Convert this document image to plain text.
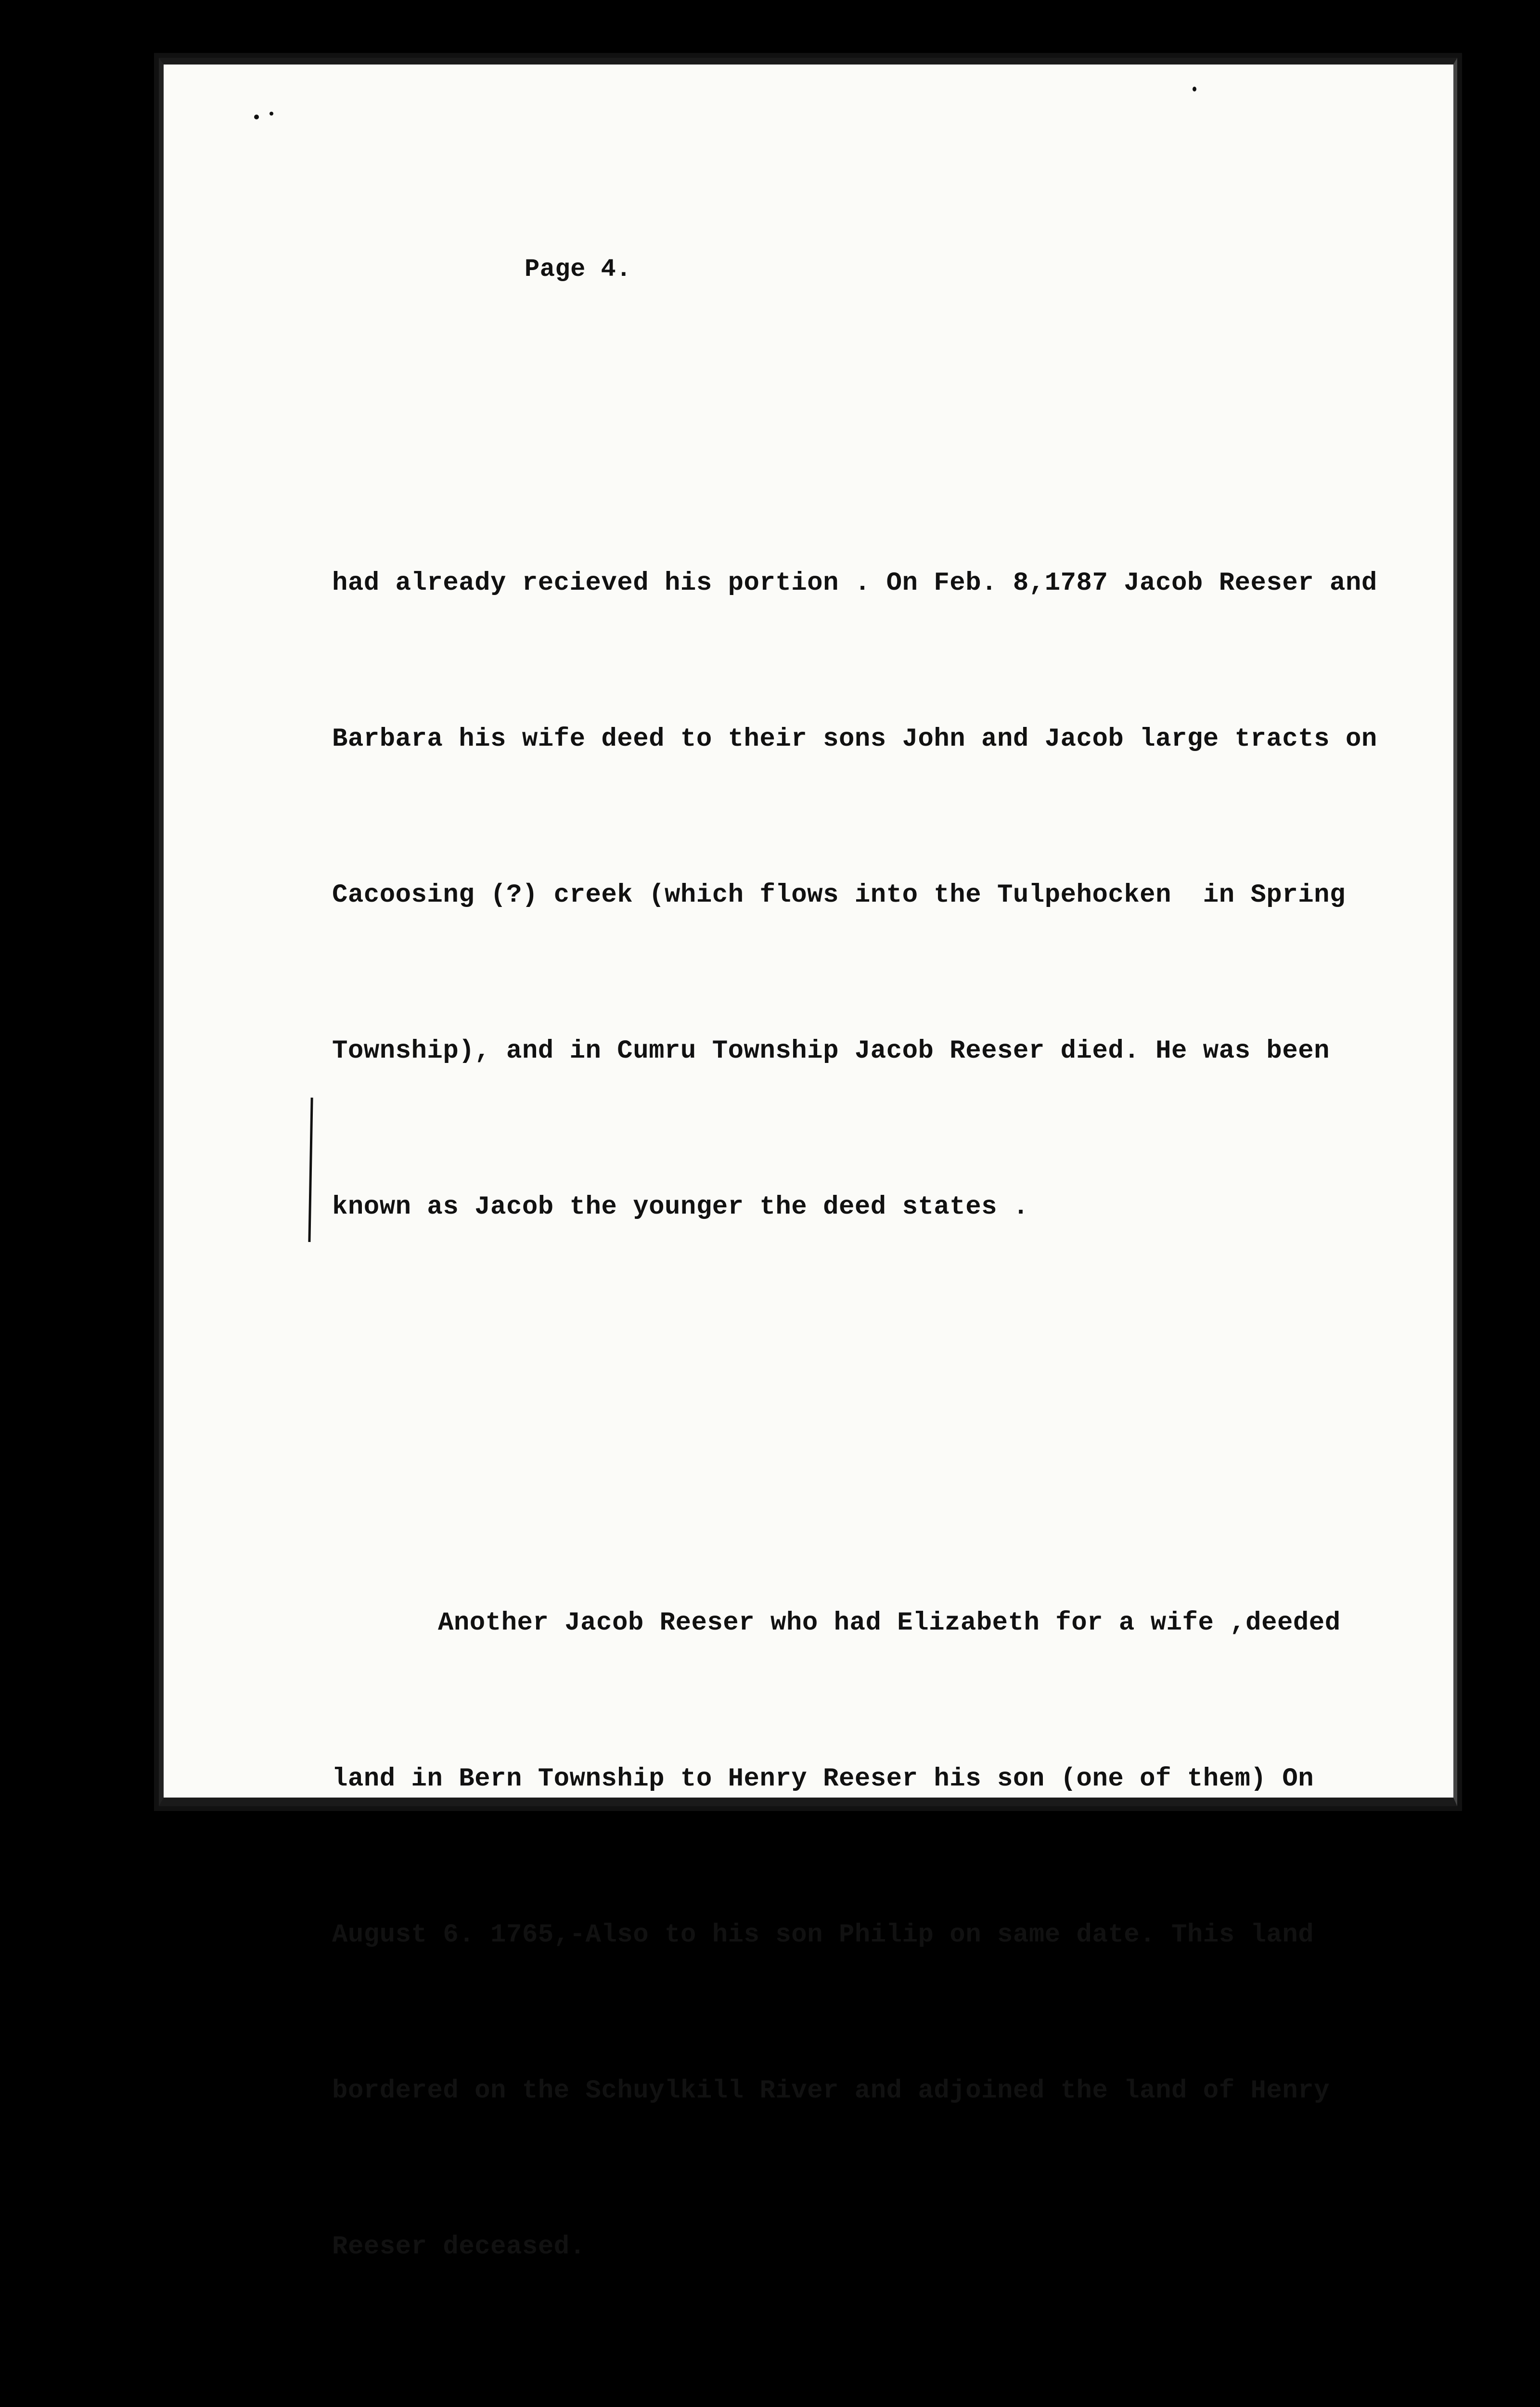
Page 4.

had already recieved his portion . On Feb. 8,1787 Jacob Reeser and

Barbara his wife deed to their sons John and Jacob large tracts on

Cacoosing (?) creek (which flows into the Tulpehocken  in Spring

Township), and in Cumru Township Jacob Reeser died. He was been

known as Jacob the younger the deed states .

Another Jacob Reeser who had Elizabeth for a wife ,deeded

land in Bern Township to Henry Reeser his son (one of them) On

August 6. 1765,-Also to his son Philip on same date. This land

bordered on the Schuylkill River and adjoined the land of Henry

Reeser deceased.
